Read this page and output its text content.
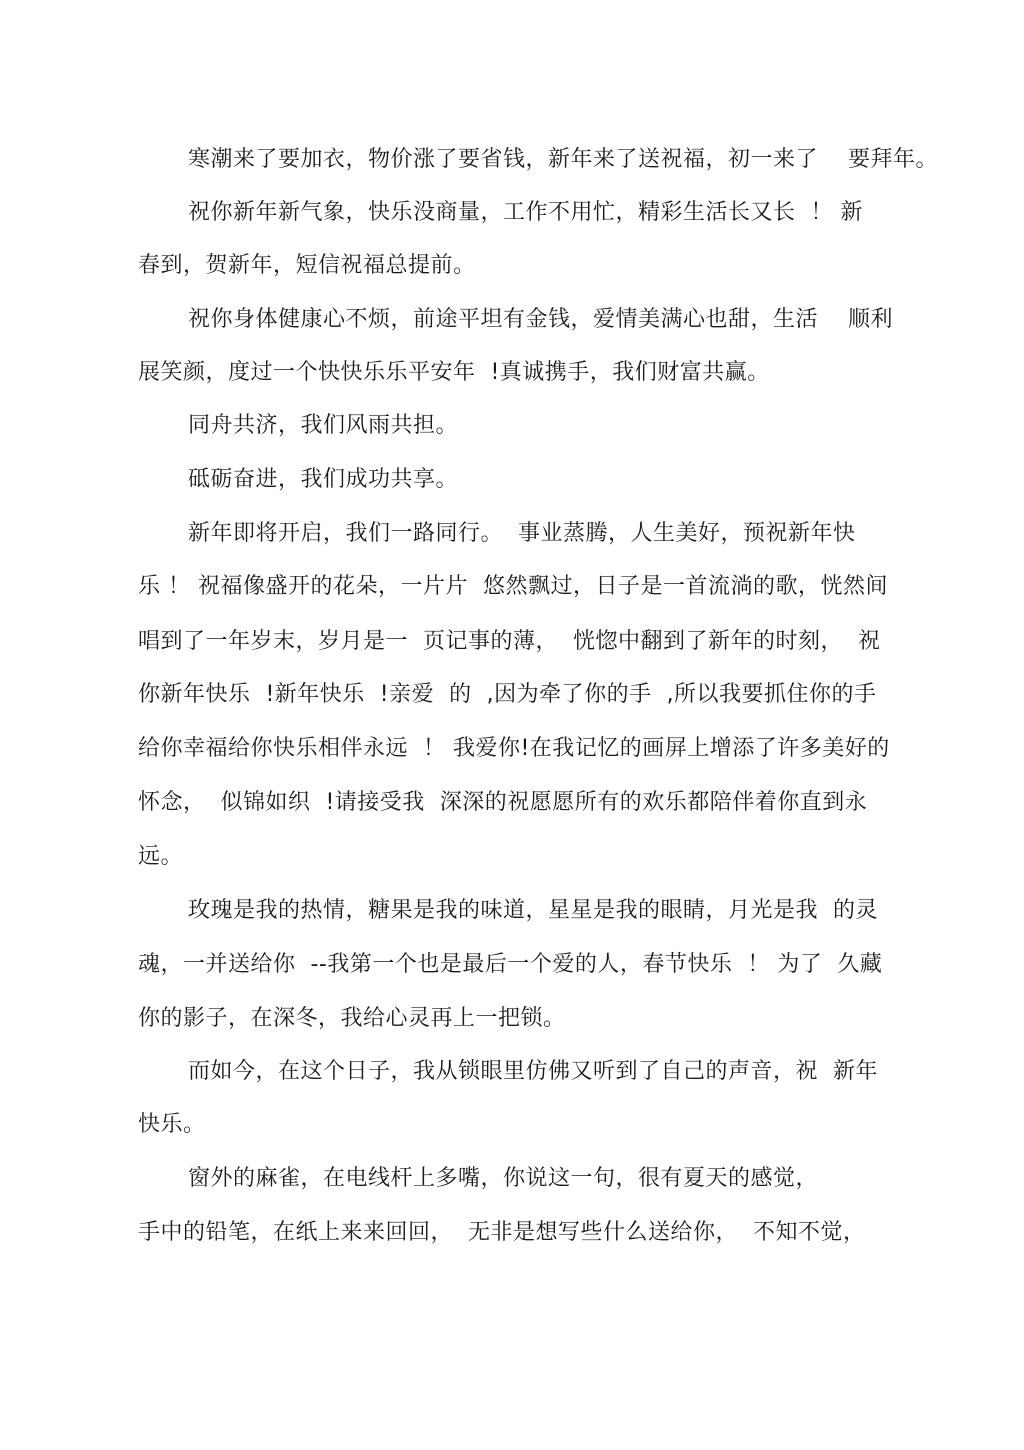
寒潮来了要加衣，物价涨了要省钱，新年来了送祝福，初一来了    要拜年。
祝你新年新气象，快乐没商量，工作不用忙，精彩生活长又长  ！ 新
春到，贺新年，短信祝福总提前。
祝你身体健康心不烦，前途平坦有金钱，爱情美满心也甜，生活    顺利
展笑颜，度过一个快快乐乐平安年  !真诚携手，我们财富共赢。
同舟共济，我们风雨共担。
砥砺奋进，我们成功共享。
新年即将开启，我们一路同行。  事业蒸腾，人生美好，预祝新年快
乐 ！ 祝福像盛开的花朵，一片片  悠然飘过，日子是一首流淌的歌，恍然间
唱到了一年岁末，岁月是一  页记事的薄，  恍惚中翻到了新年的时刻，  祝
你新年快乐  !新年快乐  !亲爱  的  ,因为牵了你的手  ,所以我要抓住你的手
给你幸福给你快乐相伴永远  ！ 我爱你!在我记忆的画屏上增添了许多美好的
怀念，  似锦如织  !请接受我  深深的祝愿愿所有的欢乐都陪伴着你直到永
远。
玫瑰是我的热情，糖果是我的味道，星星是我的眼睛，月光是我  的灵
魂，一并送给你  --我第一个也是最后一个爱的人，春节快乐  ！ 为了  久藏
你的影子，在深冬，我给心灵再上一把锁。
而如今，在这个日子，我从锁眼里仿佛又听到了自己的声音，祝  新年
快乐。
窗外的麻雀，在电线杆上多嘴，你说这一句，很有夏天的感觉，
手中的铅笔，在纸上来来回回，  无非是想写些什么送给你，  不知不觉，
